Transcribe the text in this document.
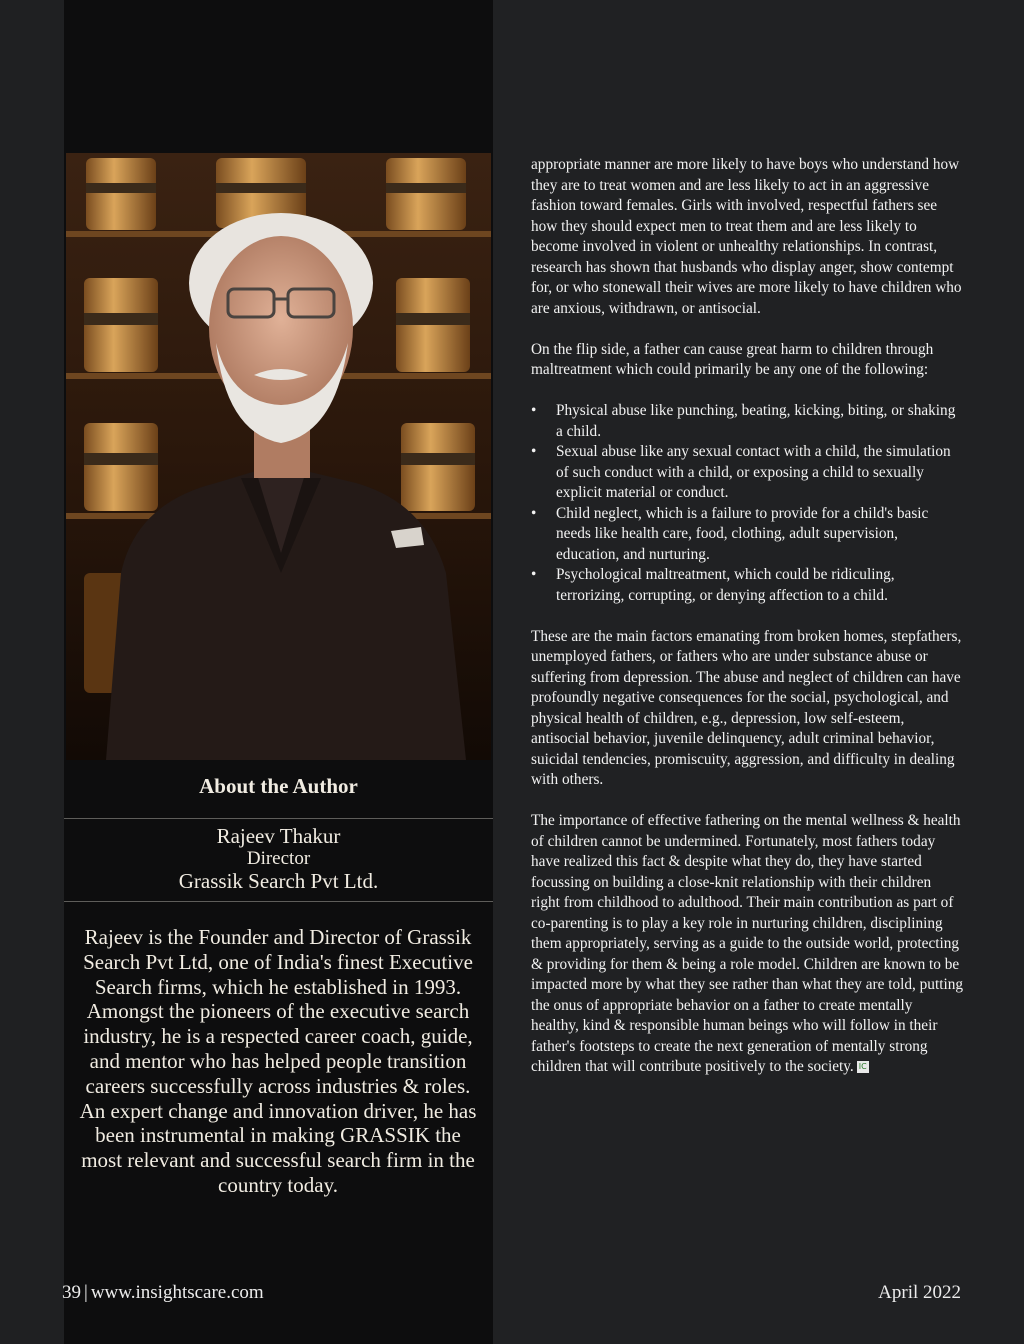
About the Author
Rajeev Thakur
Director
Grassik Search Pvt Ltd.
Rajeev is the Founder and Director of Grassik Search Pvt Ltd, one of India's finest Executive Search firms, which he established in 1993. Amongst the pioneers of the executive search industry, he is a respected career coach, guide, and mentor who has helped people transition careers successfully across industries & roles. An expert change and innovation driver, he has been instrumental in making GRASSIK the most relevant and successful search firm in the country today.

appropriate manner are more likely to have boys who understand how they are to treat women and are less likely to act in an aggressive fashion toward females. Girls with involved, respectful fathers see how they should expect men to treat them and are less likely to become involved in violent or unhealthy relationships. In contrast, research has shown that husbands who display anger, show contempt for, or who stonewall their wives are more likely to have children who are anxious, withdrawn, or antisocial.

On the flip side, a father can cause great harm to children through maltreatment which could primarily be any one of the following:

• Physical abuse like punching, beating, kicking, biting, or shaking a child.
• Sexual abuse like any sexual contact with a child, the simulation of such conduct with a child, or exposing a child to sexually explicit material or conduct.
• Child neglect, which is a failure to provide for a child's basic needs like health care, food, clothing, adult supervision, education, and nurturing.
• Psychological maltreatment, which could be ridiculing, terrorizing, corrupting, or denying affection to a child.

These are the main factors emanating from broken homes, stepfathers, unemployed fathers, or fathers who are under substance abuse or suffering from depression. The abuse and neglect of children can have profoundly negative consequences for the social, psychological, and physical health of children, e.g., depression, low self-esteem, antisocial behavior, juvenile delinquency, adult criminal behavior, suicidal tendencies, promiscuity, aggression, and difficulty in dealing with others.

The importance of effective fathering on the mental wellness & health of children cannot be undermined. Fortunately, most fathers today have realized this fact & despite what they do, they have started focussing on building a close-knit relationship with their children right from childhood to adulthood. Their main contribution as part of co-parenting is to play a key role in nurturing children, disciplining them appropriately, serving as a guide to the outside world, protecting & providing for them & being a role model. Children are known to be impacted more by what they see rather than what they are told, putting the onus of appropriate behavior on a father to create mentally healthy, kind & responsible human beings who will follow in their father's footsteps to create the next generation of mentally strong children that will contribute positively to the society. IC

39 | www.insightscare.com	April 2022
